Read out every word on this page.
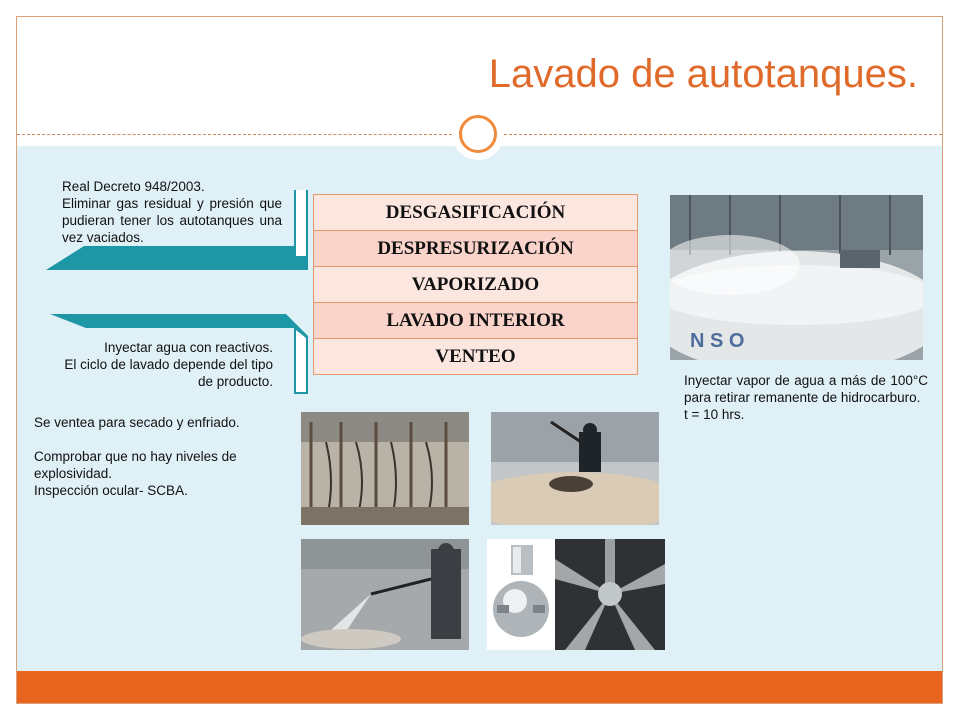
Lavado de autotanques.

Real Decreto 948/2003.

Eliminar gas residual y presión que pudieran tener los autotanques una vez vaciados.

Inyectar agua con reactivos.

El ciclo de lavado depende del tipo de producto.

Se ventea para secado y enfriado.

Comprobar que no hay niveles de explosividad.

Inspección ocular- SCBA.

Inyectar vapor de agua a más de 100°C para retirar remanente de hidrocarburo.

t = 10 hrs.

DESGASIFICACIÓN
DESPRESURIZACIÓN
VAPORIZADO
LAVADO INTERIOR
VENTEO
N S O
